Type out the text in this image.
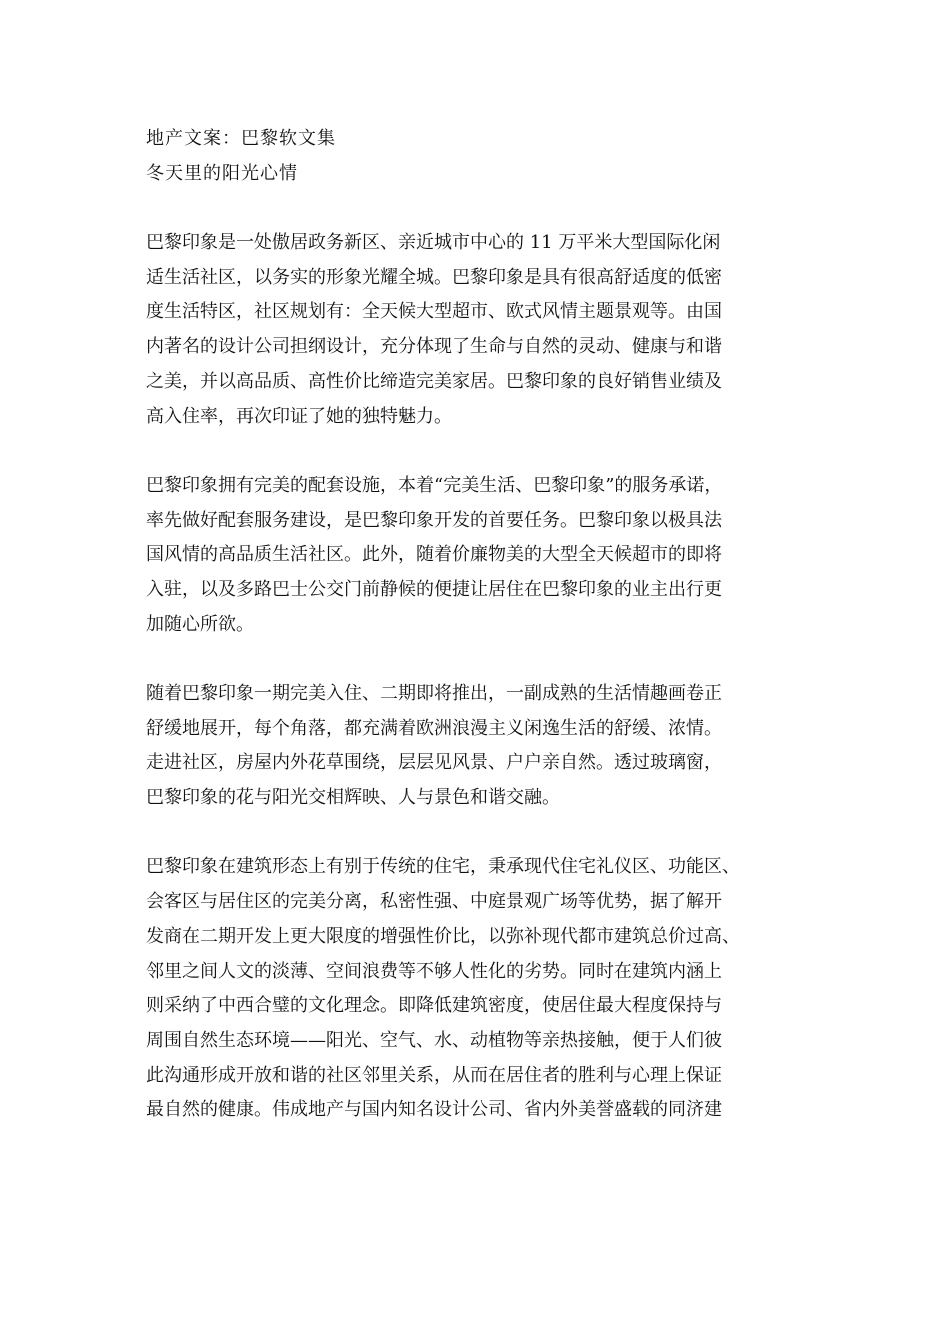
地产文案：巴黎软文集
冬天里的阳光心情
巴黎印象是一处傲居政务新区、亲近城市中心的 11 万平米大型国际化闲
适生活社区，以务实的形象光耀全城。巴黎印象是具有很高舒适度的低密
度生活特区，社区规划有：全天候大型超市、欧式风情主题景观等。由国
内著名的设计公司担纲设计，充分体现了生命与自然的灵动、健康与和谐
之美，并以高品质、高性价比缔造完美家居。巴黎印象的良好销售业绩及
高入住率，再次印证了她的独特魅力。
巴黎印象拥有完美的配套设施，本着“完美生活、巴黎印象”的服务承诺，
率先做好配套服务建设，是巴黎印象开发的首要任务。巴黎印象以极具法
国风情的高品质生活社区。此外，随着价廉物美的大型全天候超市的即将
入驻，以及多路巴士公交门前静候的便捷让居住在巴黎印象的业主出行更
加随心所欲。
随着巴黎印象一期完美入住、二期即将推出，一副成熟的生活情趣画卷正
舒缓地展开，每个角落，都充满着欧洲浪漫主义闲逸生活的舒缓、浓情。
走进社区，房屋内外花草围绕，层层见风景、户户亲自然。透过玻璃窗，
巴黎印象的花与阳光交相辉映、人与景色和谐交融。
巴黎印象在建筑形态上有别于传统的住宅，秉承现代住宅礼仪区、功能区、
会客区与居住区的完美分离，私密性强、中庭景观广场等优势，据了解开
发商在二期开发上更大限度的增强性价比，以弥补现代都市建筑总价过高、
邻里之间人文的淡薄、空间浪费等不够人性化的劣势。同时在建筑内涵上
则采纳了中西合璧的文化理念。即降低建筑密度，使居住最大程度保持与
周围自然生态环境——阳光、空气、水、动植物等亲热接触，便于人们彼
此沟通形成开放和谐的社区邻里关系，从而在居住者的胜利与心理上保证
最自然的健康。伟成地产与国内知名设计公司、省内外美誉盛载的同济建
